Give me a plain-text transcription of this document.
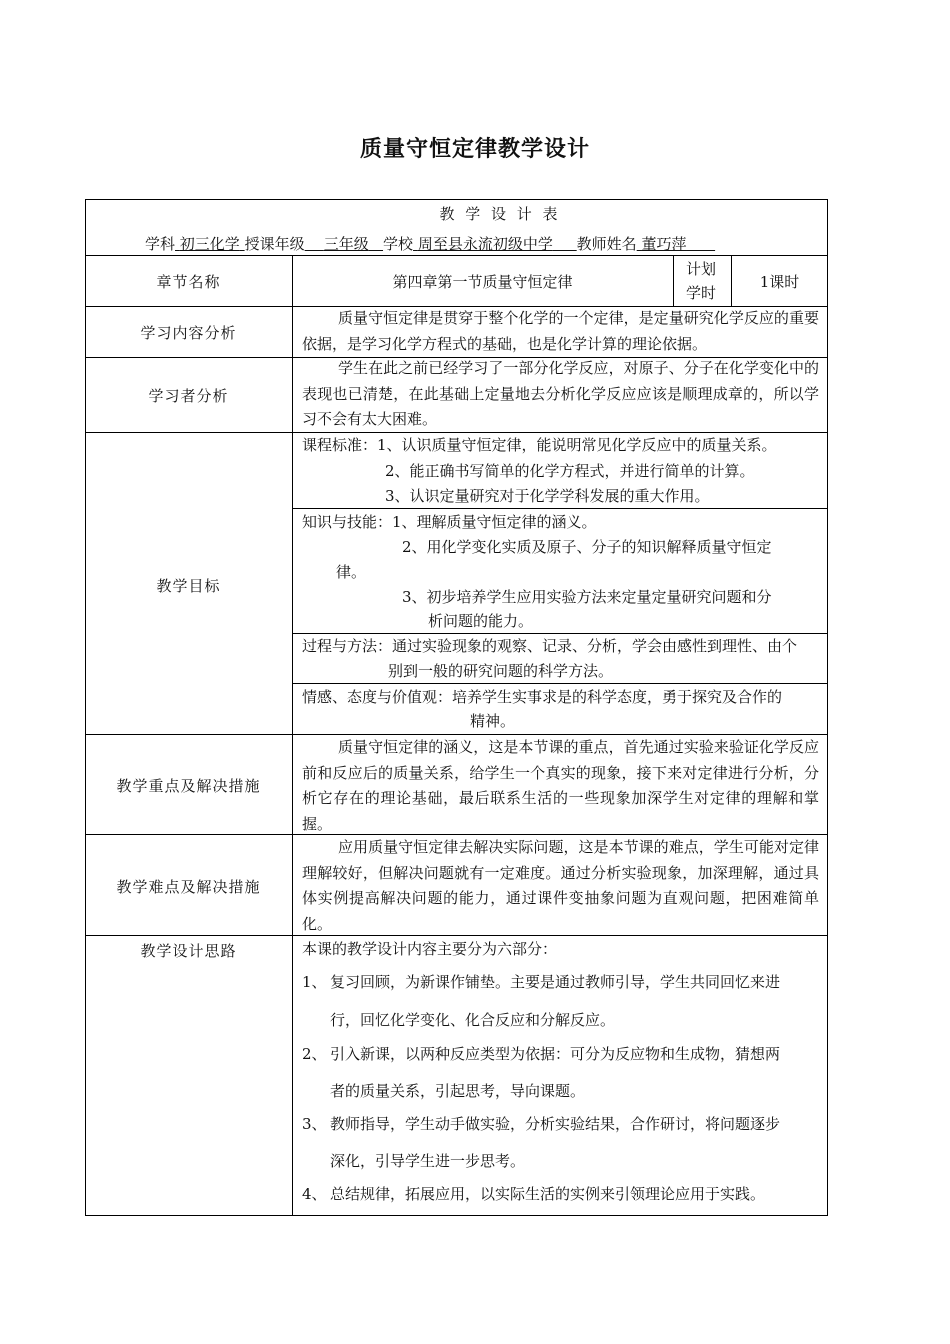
质量守恒定律教学设计
教 学 设 计 表
学科 初三化学 授课年级 三年级 学校 周至县永流初级中学 教师姓名 董巧萍
章节名称	第四章第一节质量守恒定律
计划
学时
1课时
学习内容分析
质量守恒定律是贯穿于整个化学的一个定律，是定量研究化学反应的重要依据，是学习化学方程式的基础，也是化学计算的理论依据。
学习者分析
学生在此之前已经学习了一部分化学反应，对原子、分子在化学变化中的表现也已清楚，在此基础上定量地去分析化学反应应该是顺理成章的，所以学习不会有太大困难。
教学目标
课程标准：1、认识质量守恒定律，能说明常见化学反应中的质量关系。
2、能正确书写简单的化学方程式，并进行简单的计算。
3、认识定量研究对于化学学科发展的重大作用。
知识与技能：1、理解质量守恒定律的涵义。
2、用化学变化实质及原子、分子的知识解释质量守恒定
律。
3、初步培养学生应用实验方法来定量定量研究问题和分
析问题的能力。
过程与方法：通过实验现象的观察、记录、分析，学会由感性到理性、由个
别到一般的研究问题的科学方法。
情感、态度与价值观：培养学生实事求是的科学态度，勇于探究及合作的
精神。
教学重点及解决措施
质量守恒定律的涵义，这是本节课的重点，首先通过实验来验证化学反应前和反应后的质量关系，给学生一个真实的现象，接下来对定律进行分析，分析它存在的理论基础，最后联系生活的一些现象加深学生对定律的理解和掌握。
教学难点及解决措施
应用质量守恒定律去解决实际问题，这是本节课的难点，学生可能对定律理解较好，但解决问题就有一定难度。通过分析实验现象，加深理解，通过具体实例提高解决问题的能力，通过课件变抽象问题为直观问题，把困难简单化。
教学设计思路	本课的教学设计内容主要分为六部分：
1、 复习回顾，为新课作铺垫。主要是通过教师引导，学生共同回忆来进
行，回忆化学变化、化合反应和分解反应。
2、 引入新课，以两种反应类型为依据：可分为反应物和生成物，猜想两
者的质量关系，引起思考，导向课题。
3、 教师指导，学生动手做实验，分析实验结果，合作研讨，将问题逐步
深化，引导学生进一步思考。
4、 总结规律，拓展应用，以实际生活的实例来引领理论应用于实践。
